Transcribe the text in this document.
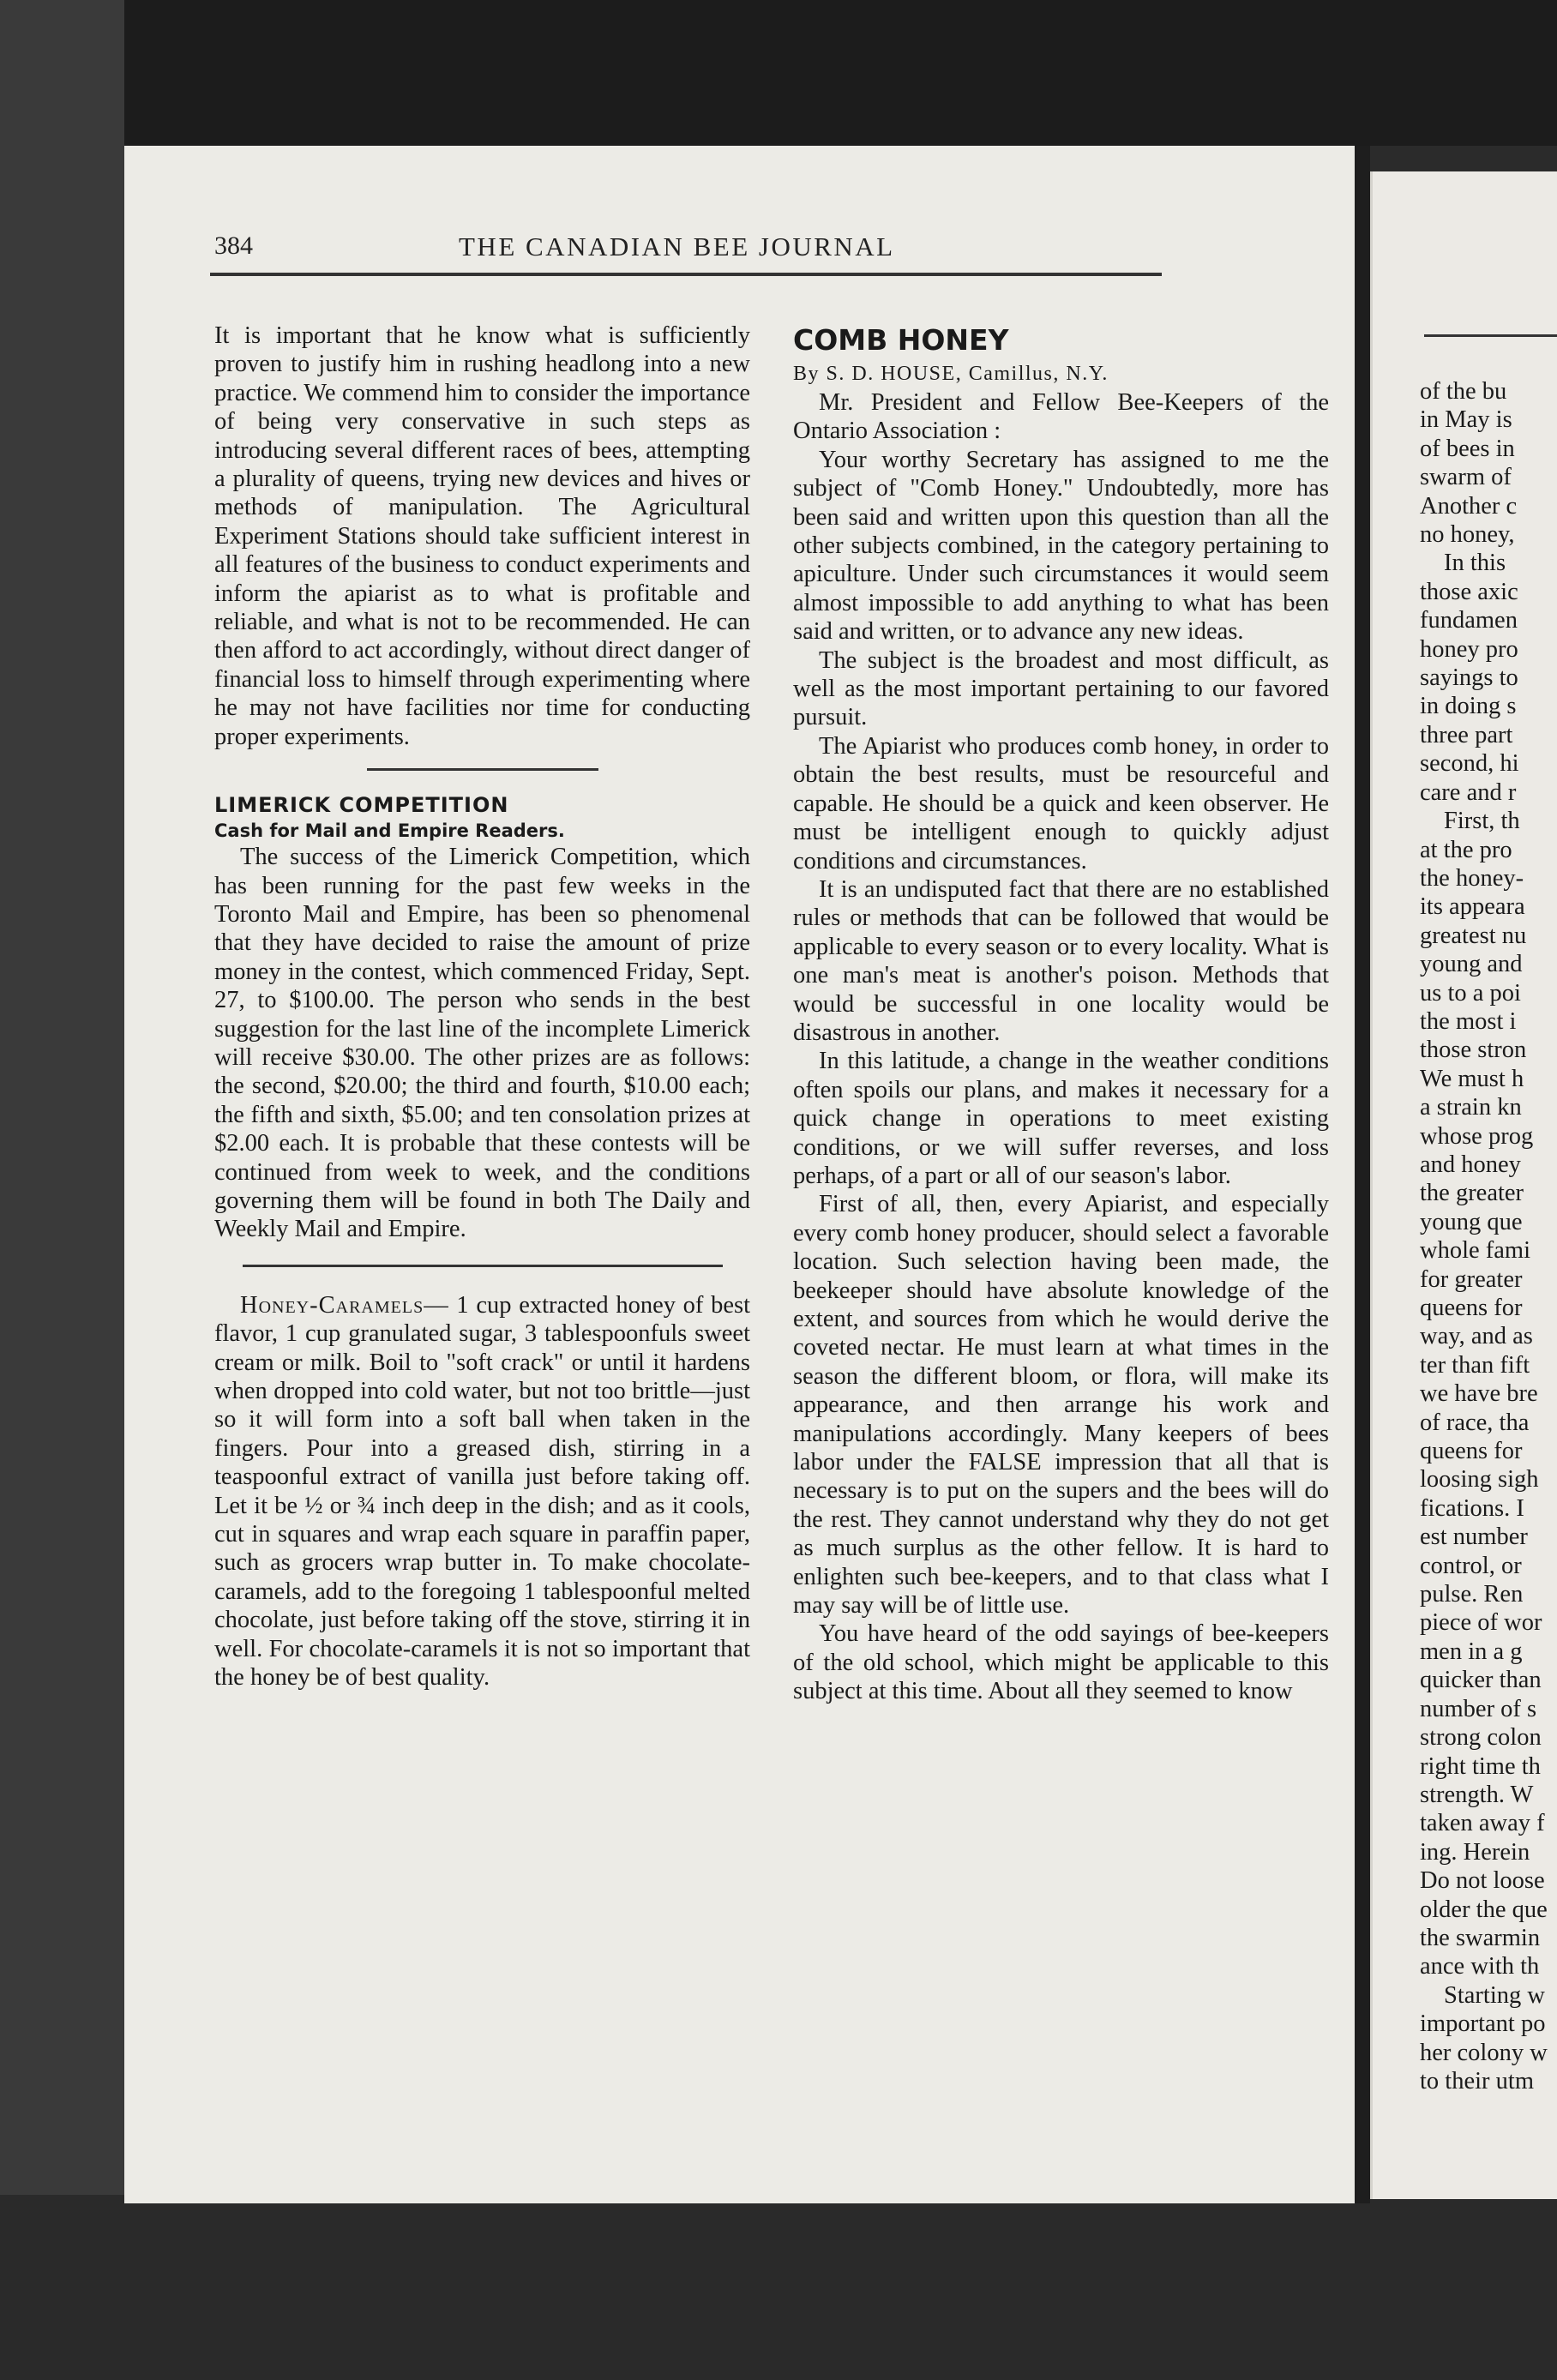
384	THE CANADIAN BEE JOURNAL

It is important that he know what is sufficiently proven to justify him in rushing headlong into a new practice. We commend him to consider the importance of being very conservative in such steps as introducing several different races of bees, attempting a plurality of queens, trying new devices and hives or methods of manipulation. The Agricultural Experiment Stations should take sufficient interest in all features of the business to conduct experiments and inform the apiarist as to what is profitable and reliable, and what is not to be recommended. He can then afford to act accordingly, without direct danger of financial loss to himself through experimenting where he may not have facilities nor time for conducting proper experiments.

LIMERICK COMPETITION

Cash for Mail and Empire Readers.

The success of the Limerick Competition, which has been running for the past few weeks in the Toronto Mail and Empire, has been so phenomenal that they have decided to raise the amount of prize money in the contest, which commenced Friday, Sept. 27, to $100.00. The person who sends in the best suggestion for the last line of the incomplete Limerick will receive $30.00. The other prizes are as follows: the second, $20.00; the third and fourth, $10.00 each; the fifth and sixth, $5.00; and ten consolation prizes at $2.00 each. It is probable that these contests will be continued from week to week, and the conditions governing them will be found in both The Daily and Weekly Mail and Empire.

Honey-Caramels— 1 cup extracted honey of best flavor, 1 cup granulated sugar, 3 tablespoonfuls sweet cream or milk. Boil to "soft crack" or until it hardens when dropped into cold water, but not too brittle—just so it will form into a soft ball when taken in the fingers. Pour into a greased dish, stirring in a teaspoonful extract of vanilla just before taking off. Let it be ½ or ¾ inch deep in the dish; and as it cools, cut in squares and wrap each square in paraffin paper, such as grocers wrap butter in. To make chocolate-caramels, add to the foregoing 1 tablespoonful melted chocolate, just before taking off the stove, stirring it in well. For chocolate-caramels it is not so important that the honey be of best quality.

COMB HONEY

By S. D. HOUSE, Camillus, N.Y.

Mr. President and Fellow Bee-Keepers of the Ontario Association :

Your worthy Secretary has assigned to me the subject of "Comb Honey." Undoubtedly, more has been said and written upon this question than all the other subjects combined, in the category pertaining to apiculture. Under such circumstances it would seem almost impossible to add anything to what has been said and written, or to advance any new ideas.

The subject is the broadest and most difficult, as well as the most important pertaining to our favored pursuit.

The Apiarist who produces comb honey, in order to obtain the best results, must be resourceful and capable. He should be a quick and keen observer. He must be intelligent enough to quickly adjust conditions and circumstances.

It is an undisputed fact that there are no established rules or methods that can be followed that would be applicable to every season or to every locality. What is one man's meat is another's poison. Methods that would be successful in one locality would be disastrous in another.

In this latitude, a change in the weather conditions often spoils our plans, and makes it necessary for a quick change in operations to meet existing conditions, or we will suffer reverses, and loss perhaps, of a part or all of our season's labor.

First of all, then, every Apiarist, and especially every comb honey producer, should select a favorable location. Such selection having been made, the beekeeper should have absolute knowledge of the extent, and sources from which he would derive the coveted nectar. He must learn at what times in the season the different bloom, or flora, will make its appearance, and then arrange his work and manipulations accordingly. Many keepers of bees labor under the FALSE impression that all that is necessary is to put on the supers and the bees will do the rest. They cannot understand why they do not get as much surplus as the other fellow. It is hard to enlighten such bee-keepers, and to that class what I may say will be of little use.

You have heard of the odd sayings of bee-keepers of the old school, which might be applicable to this subject at this time. About all they seemed to know

of the bu
in May is
of bees in
swarm of
Another c
no honey,
In this
those axic
fundamen
honey pro
sayings to
in doing s
three part
second, hi
care and r
First, th
at the pro
the honey-
its appeara
greatest nu
young and
us to a poi
the most i
those stron
We must h
a strain kn
whose prog
and honey
the greater
young que
whole fami
for greater
queens for
way, and as
ter than fift
we have bre
of race, tha
queens for
loosing sigh
fications. I
est number
control, or
pulse. Ren
piece of wor
men in a g
quicker than
number of s
strong colon
right time th
strength. W
taken away f
ing. Herein
Do not loose
older the que
the swarmin
ance with th
Starting w
important po
her colony w
to their utm
